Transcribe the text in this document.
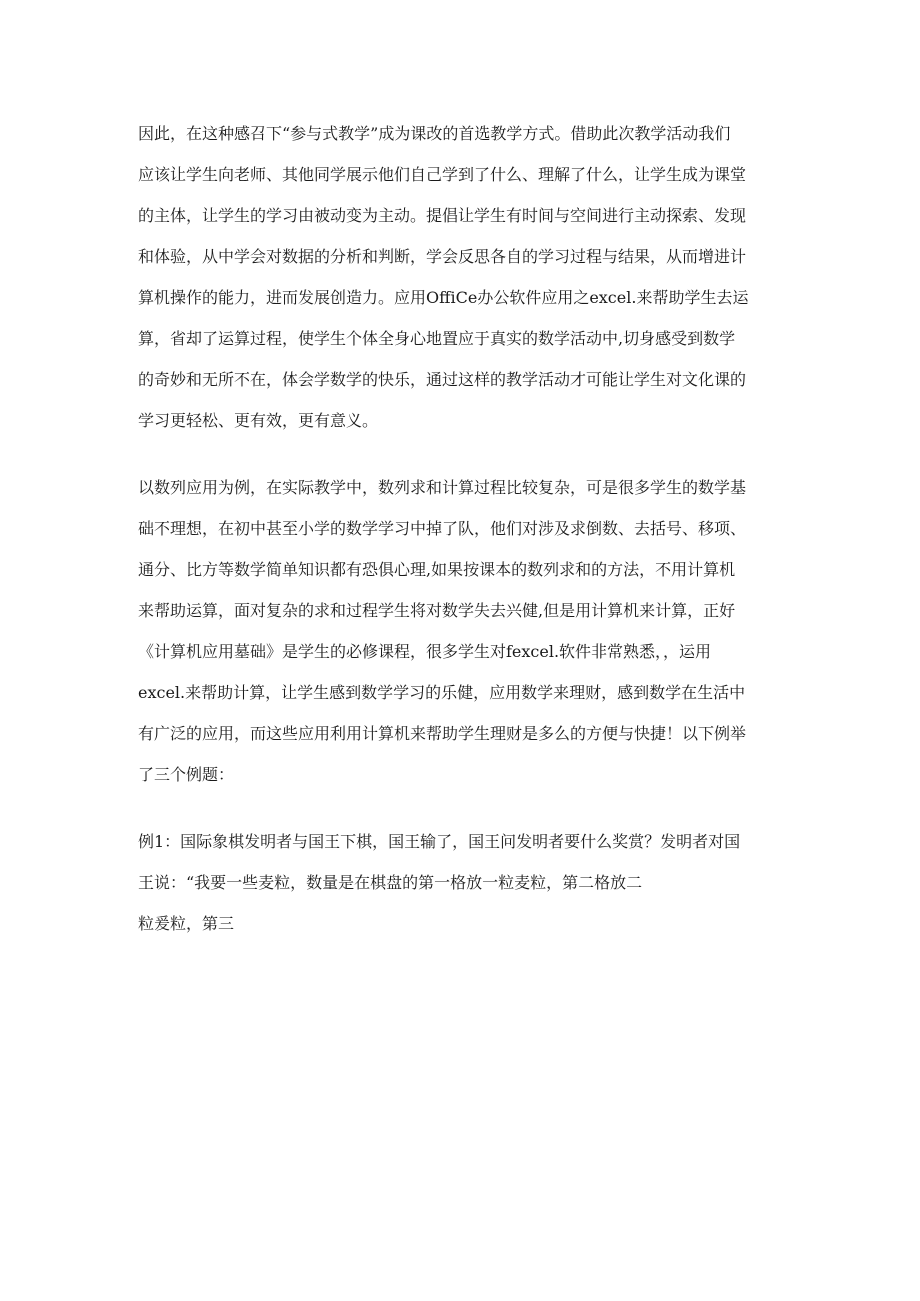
因此，在这种感召下“参与式教学”成为课改的首选教学方式。借助此次教学活动我们
应该让学生向老师、其他同学展示他们自己学到了什么、理解了什么，让学生成为课堂
的主体，让学生的学习由被动变为主动。提倡让学生有时间与空间进行主动探索、发现
和体验，从中学会对数据的分析和判断，学会反思各自的学习过程与结果，从而增进计
算机操作的能力，进而发展创造力。应用OffiCe办公软件应用之excel.来帮助学生去运
算，省却了运算过程，使学生个体全身心地置应于真实的数学活动中,切身感受到数学
的奇妙和无所不在，体会学数学的快乐，通过这样的教学活动才可能让学生对文化课的
学习更轻松、更有效，更有意义。

以数列应用为例，在实际教学中，数列求和计算过程比较复杂，可是很多学生的数学基
础不理想，在初中甚至小学的数学学习中掉了队，他们对涉及求倒数、去括号、移项、
通分、比方等数学简单知识都有恐俱心理,如果按课本的数列求和的方法，不用计算机
来帮助运算，面对复杂的求和过程学生将对数学失去兴健,但是用计算机来计算，正好
《计算机应用墓础》是学生的必修课程，很多学生对fexcel.软件非常熟悉，，运用
excel.来帮助计算，让学生感到数学学习的乐健，应用数学来理财，感到数学在生活中
有广泛的应用，而这些应用利用计算机来帮助学生理财是多么的方便与快捷！以下例举
了三个例题：

例1：国际象棋发明者与国王下棋，国王输了，国王问发明者要什么奖赏？发明者对国
王说：“我要一些麦粒，数量是在棋盘的第一格放一粒麦粒，第二格放二
粒爰粒，第三
